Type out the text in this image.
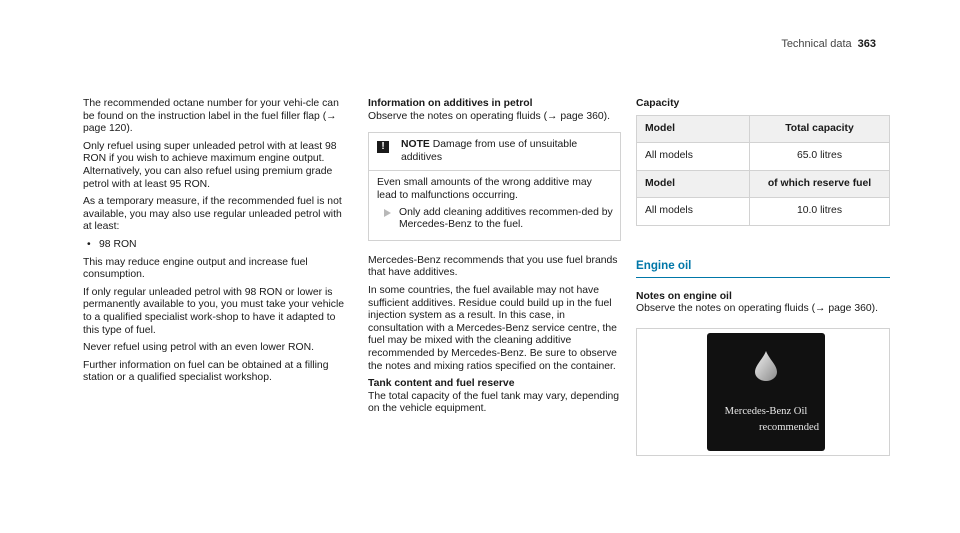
Technical data 363

The recommended octane number for your vehi-cle can be found on the instruction label in the fuel filler flap (→ page 120).

Only refuel using super unleaded petrol with at least 98 RON if you wish to achieve maximum engine output. Alternatively, you can also refuel using premium grade petrol with at least 95 RON.

As a temporary measure, if the recommended fuel is not available, you may also use regular unleaded petrol with at least:

• 98 RON

This may reduce engine output and increase fuel consumption.

If only regular unleaded petrol with 98 RON or lower is permanently available to you, you must take your vehicle to a qualified specialist work-shop to have it adapted to this type of fuel.

Never refuel using petrol with an even lower RON.

Further information on fuel can be obtained at a filling station or a qualified specialist workshop.

Information on additives in petrol

Observe the notes on operating fluids (→ page 360).

!	NOTE Damage from use of unsuitable additives
Even small amounts of the wrong additive may lead to malfunctions occurring.
Only add cleaning additives recommen-ded by Mercedes-Benz to the fuel.

Mercedes-Benz recommends that you use fuel brands that have additives.

In some countries, the fuel available may not have sufficient additives. Residue could build up in the fuel injection system as a result. In this case, in consultation with a Mercedes-Benz service centre, the fuel may be mixed with the cleaning additive recommended by Mercedes-Benz. Be sure to observe the notes and mixing ratios specified on the container.

Tank content and fuel reserve

The total capacity of the fuel tank may vary, depending on the vehicle equipment.

Capacity
Model	Total capacity
All models	65.0 litres
Model	of which reserve fuel
All models	10.0 litres
Engine oil
Notes on engine oil

Observe the notes on operating fluids (→ page 360).

Mercedes-Benz Oil
recommended
